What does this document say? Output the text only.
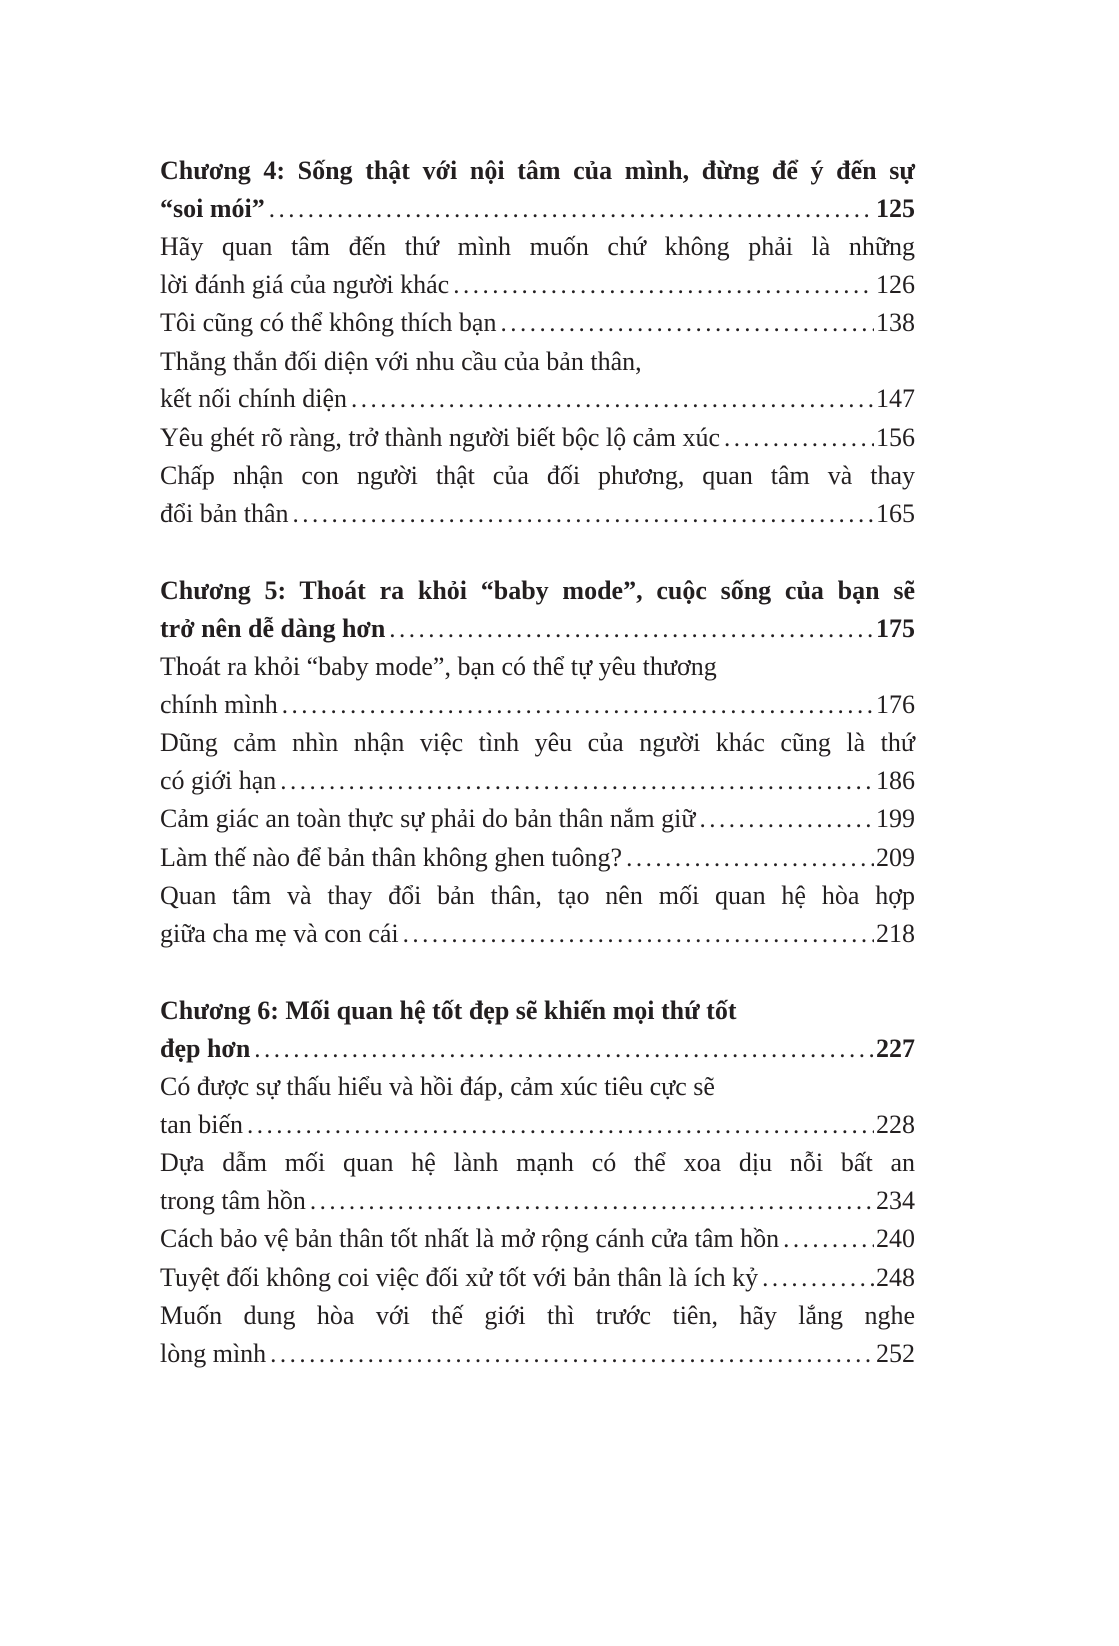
Chương 4: Sống thật với nội tâm của mình, đừng để ý đến sự
“soi mói” .....	125
Hãy quan tâm đến thứ mình muốn chứ không phải là những
lời đánh giá của người khác .....	126
Tôi cũng có thể không thích bạn .....	138
Thẳng thắn đối diện với nhu cầu của bản thân,
kết nối chính diện .....	147
Yêu ghét rõ ràng, trở thành người biết bộc lộ cảm xúc .....	156
Chấp nhận con người thật của đối phương, quan tâm và thay
đổi bản thân .....	165
Chương 5: Thoát ra khỏi “baby mode”, cuộc sống của bạn sẽ
trở nên dễ dàng hơn .....	175
Thoát ra khỏi “baby mode”, bạn có thể tự yêu thương
chính mình .....	176
Dũng cảm nhìn nhận việc tình yêu của người khác cũng là thứ
có giới hạn .....	186
Cảm giác an toàn thực sự phải do bản thân nắm giữ .....	199
Làm thế nào để bản thân không ghen tuông? .....	209
Quan tâm và thay đổi bản thân, tạo nên mối quan hệ hòa hợp
giữa cha mẹ và con cái .....	218
Chương 6: Mối quan hệ tốt đẹp sẽ khiến mọi thứ tốt
đẹp hơn .....	227
Có được sự thấu hiểu và hồi đáp, cảm xúc tiêu cực sẽ
tan biến .....	228
Dựa dẫm mối quan hệ lành mạnh có thể xoa dịu nỗi bất an
trong tâm hồn .....	234
Cách bảo vệ bản thân tốt nhất là mở rộng cánh cửa tâm hồn .....	240
Tuyệt đối không coi việc đối xử tốt với bản thân là ích kỷ .....	248
Muốn dung hòa với thế giới thì trước tiên, hãy lắng nghe
lòng mình .....	252
